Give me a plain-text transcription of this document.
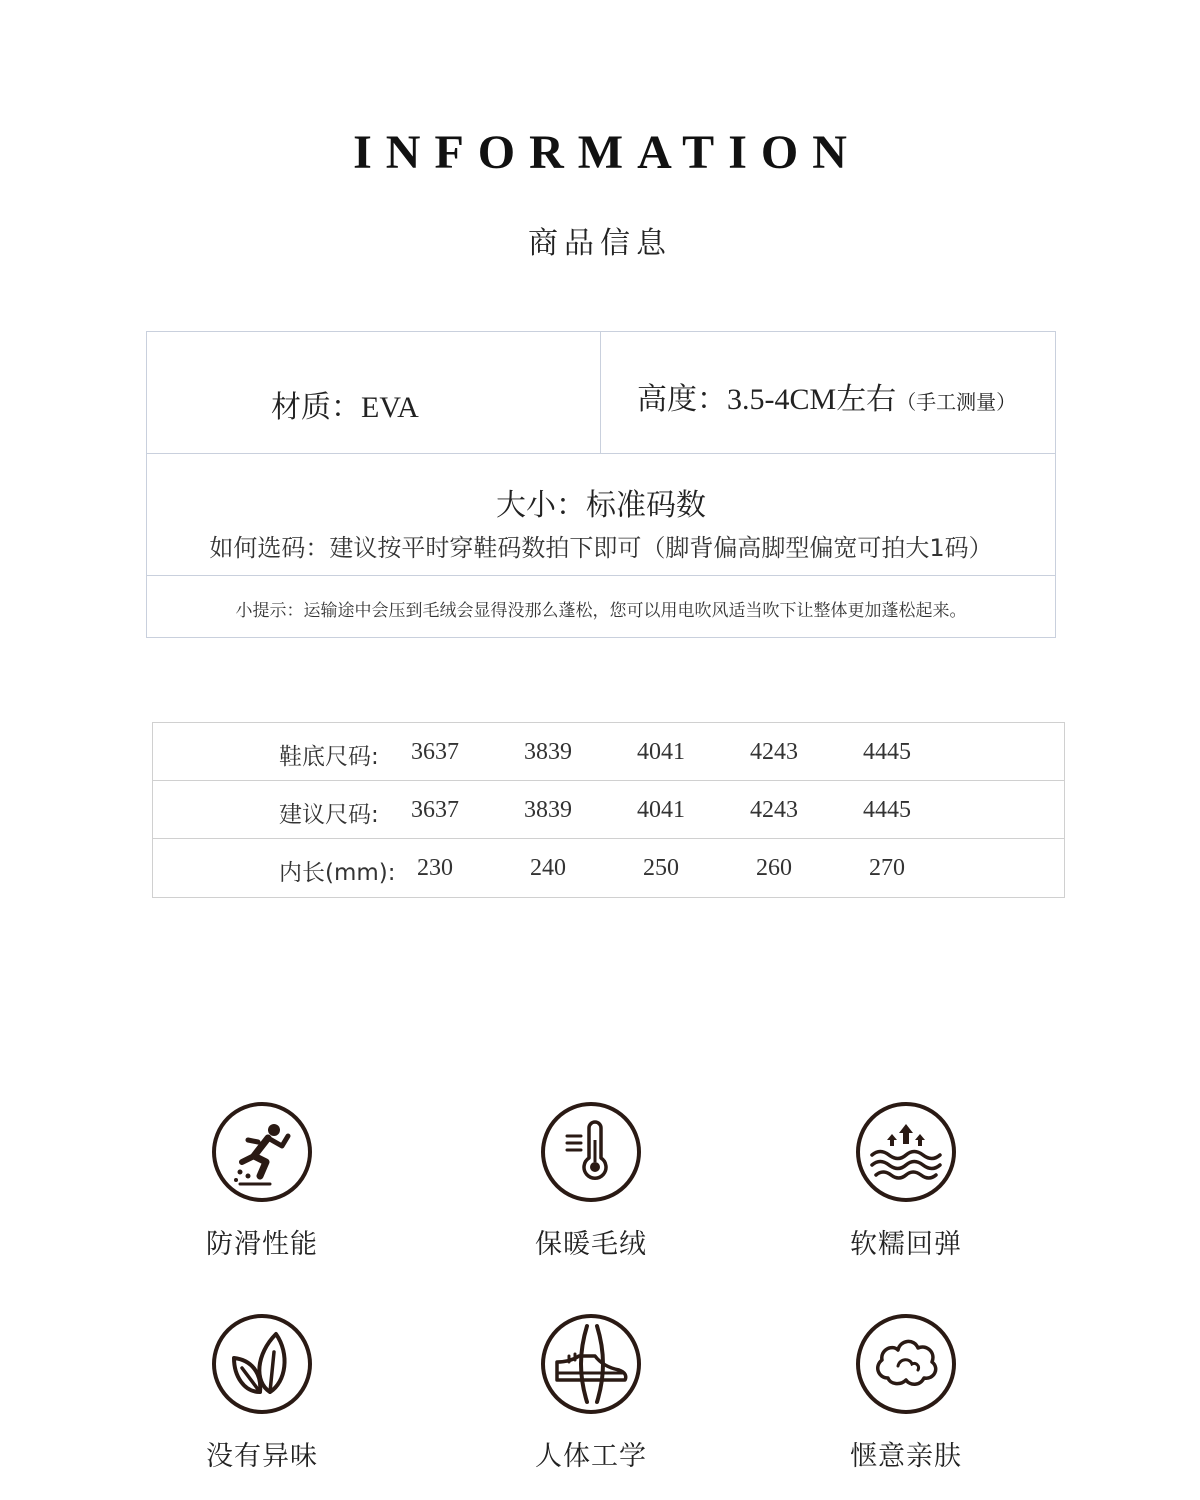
INFORMATION
商品信息
材质：EVA	高度：3.5-4CM左右（手工测量）
大小：标准码数
如何选码：建议按平时穿鞋码数拍下即可（脚背偏高脚型偏宽可拍大1码）
小提示：运输途中会压到毛绒会显得没那么蓬松，您可以用电吹风适当吹下让整体更加蓬松起来。
鞋底尺码:	3637	3839	4041	4243	4445
建议尺码:	3637	3839	4041	4243	4445
内长(mm): 230	240	250	260	270
防滑性能	保暖毛绒	软糯回弹
没有异味	人体工学	惬意亲肤
